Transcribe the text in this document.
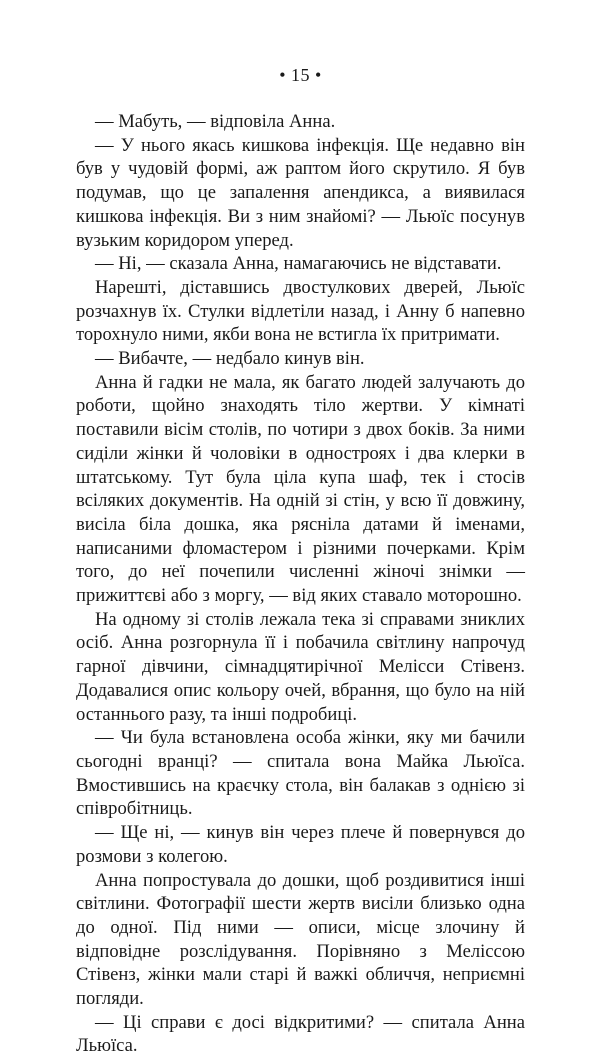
• 15 •

— Мабуть, — відповіла Анна.

— У нього якась кишкова інфекція. Ще недавно він був у чудовій формі, аж раптом його скрутило. Я був подумав, що це запалення апендикса, а виявилася кишкова інфекція. Ви з ним знайомі? — Льюїс посунув вузьким коридором уперед.

— Ні, — сказала Анна, намагаючись не відставати.

Нарешті, діставшись двостулкових дверей, Льюїс розчахнув їх. Стулки відлетіли назад, і Анну б напевно торохнуло ними, якби вона не встигла їх притримати.

— Вибачте, — недбало кинув він.

Анна й гадки не мала, як багато людей залучають до роботи, щойно знаходять тіло жертви. У кімнаті поставили вісім столів, по чотири з двох боків. За ними сиділи жінки й чоловіки в одностроях і два клерки в штатському. Тут була ціла купа шаф, тек і стосів всіляких документів. На одній зі стін, у всю її довжину, висіла біла дошка, яка рясніла датами й іменами, написаними фломастером і різними почерками. Крім того, до неї почепили численні жіночі знімки — прижиттєві або з моргу, — від яких ставало моторошно.

На одному зі столів лежала тека зі справами зниклих осіб. Анна розгорнула її і побачила світлину напрочуд гарної дівчини, сімнадцятирічної Мелісси Стівенз. Додавалися опис кольору очей, вбрання, що було на ній останнього разу, та інші подробиці.

— Чи була встановлена особа жінки, яку ми бачили сьогодні вранці? — спитала вона Майка Льюїса. Вмостившись на краєчку стола, він балакав з однією зі співробітниць.

— Ще ні, — кинув він через плече й повернувся до розмови з колегою.

Анна попростувала до дошки, щоб роздивитися інші світлини. Фотографії шести жертв висіли близько одна до одної. Під ними — описи, місце злочину й відповідне розслідування. Порівняно з Меліссою Стівенз, жінки мали старі й важкі обличчя, неприємні погляди.

— Ці справи є досі відкритими? — спитала Анна Льюїса.
